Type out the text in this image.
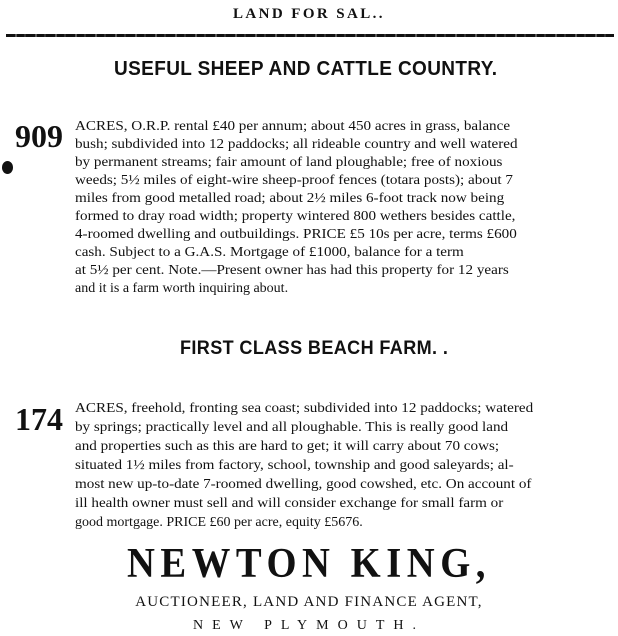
LAND FOR SAL..
USEFUL SHEEP AND CATTLE COUNTRY.
909 ACRES, O.R.P. rental £40 per annum; about 450 acres in grass, balance
bush; subdivided into 12 paddocks; all rideable country and well watered
by permanent streams; fair amount of land ploughable; free of noxious
weeds; 5½ miles of eight-wire sheep-proof fences (totara posts); about 7
miles from good metalled road; about 2½ miles 6-foot track now being
formed to dray road width; property wintered 800 wethers besides cattle,
4-roomed dwelling and outbuildings. PRICE £5 10s per acre, terms £600
cash. Subject to a G.A.S. Mortgage of £1000, balance for a term
at 5½ per cent. Note.—Present owner has had this property for 12 years
and it is a farm worth inquiring about.
FIRST CLASS BEACH FARM. .
174 ACRES, freehold, fronting sea coast; subdivided into 12 paddocks; watered
by springs; practically level and all ploughable. This is really good land
and properties such as this are hard to get; it will carry about 70 cows;
situated 1½ miles from factory, school, township and good saleyards; al-
most new up-to-date 7-roomed dwelling, good cowshed, etc. On account of
ill health owner must sell and will consider exchange for small farm or
good mortgage. PRICE £60 per acre, equity £5676.
NEWTON KING,
AUCTIONEER, LAND AND FINANCE AGENT,
NEW PLYMOUTH.
